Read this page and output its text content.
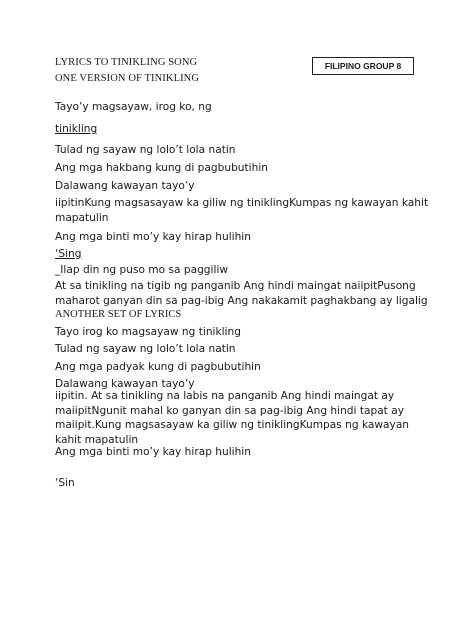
LYRICS TO TINIKLING SONG
ONE VERSION OF TINIKLING
FILIPINO GROUP 8
Tayo’y magsayaw, irog ko, ng
tinikling
Tulad ng sayaw ng lolo’t lola natin
Ang mga hakbang kung di pagbubutihin
Dalawang kawayan tayo’y
iipitinKung magsasayaw ka giliw ng tiniklingKumpas ng kawayan kahit mapatulin
Ang mga binti mo’y kay hirap hulihin
‘Sing
_Ilap din ng puso mo sa paggiliw
At sa tinikling na tigib ng panganib Ang hindi maingat naiipitPusong maharot ganyan din sa pag-ibig Ang nakakamit paghakbang ay ligalig
ANOTHER SET OF LYRICS
Tayo irog ko magsayaw ng tinikling
Tulad ng sayaw ng lolo’t lola natin
Ang mga padyak kung di pagbubutihin
Dalawang kawayan tayo’y
iipitin. At sa tinikling na labis na panganib Ang hindi maingat ay maiipitNgunit mahal ko ganyan din sa pag-ibig Ang hindi tapat ay maiipit.Kung magsasayaw ka giliw ng tiniklingKumpas ng kawayan kahit mapatulin
Ang mga binti mo’y kay hirap hulihin
‘Sin
